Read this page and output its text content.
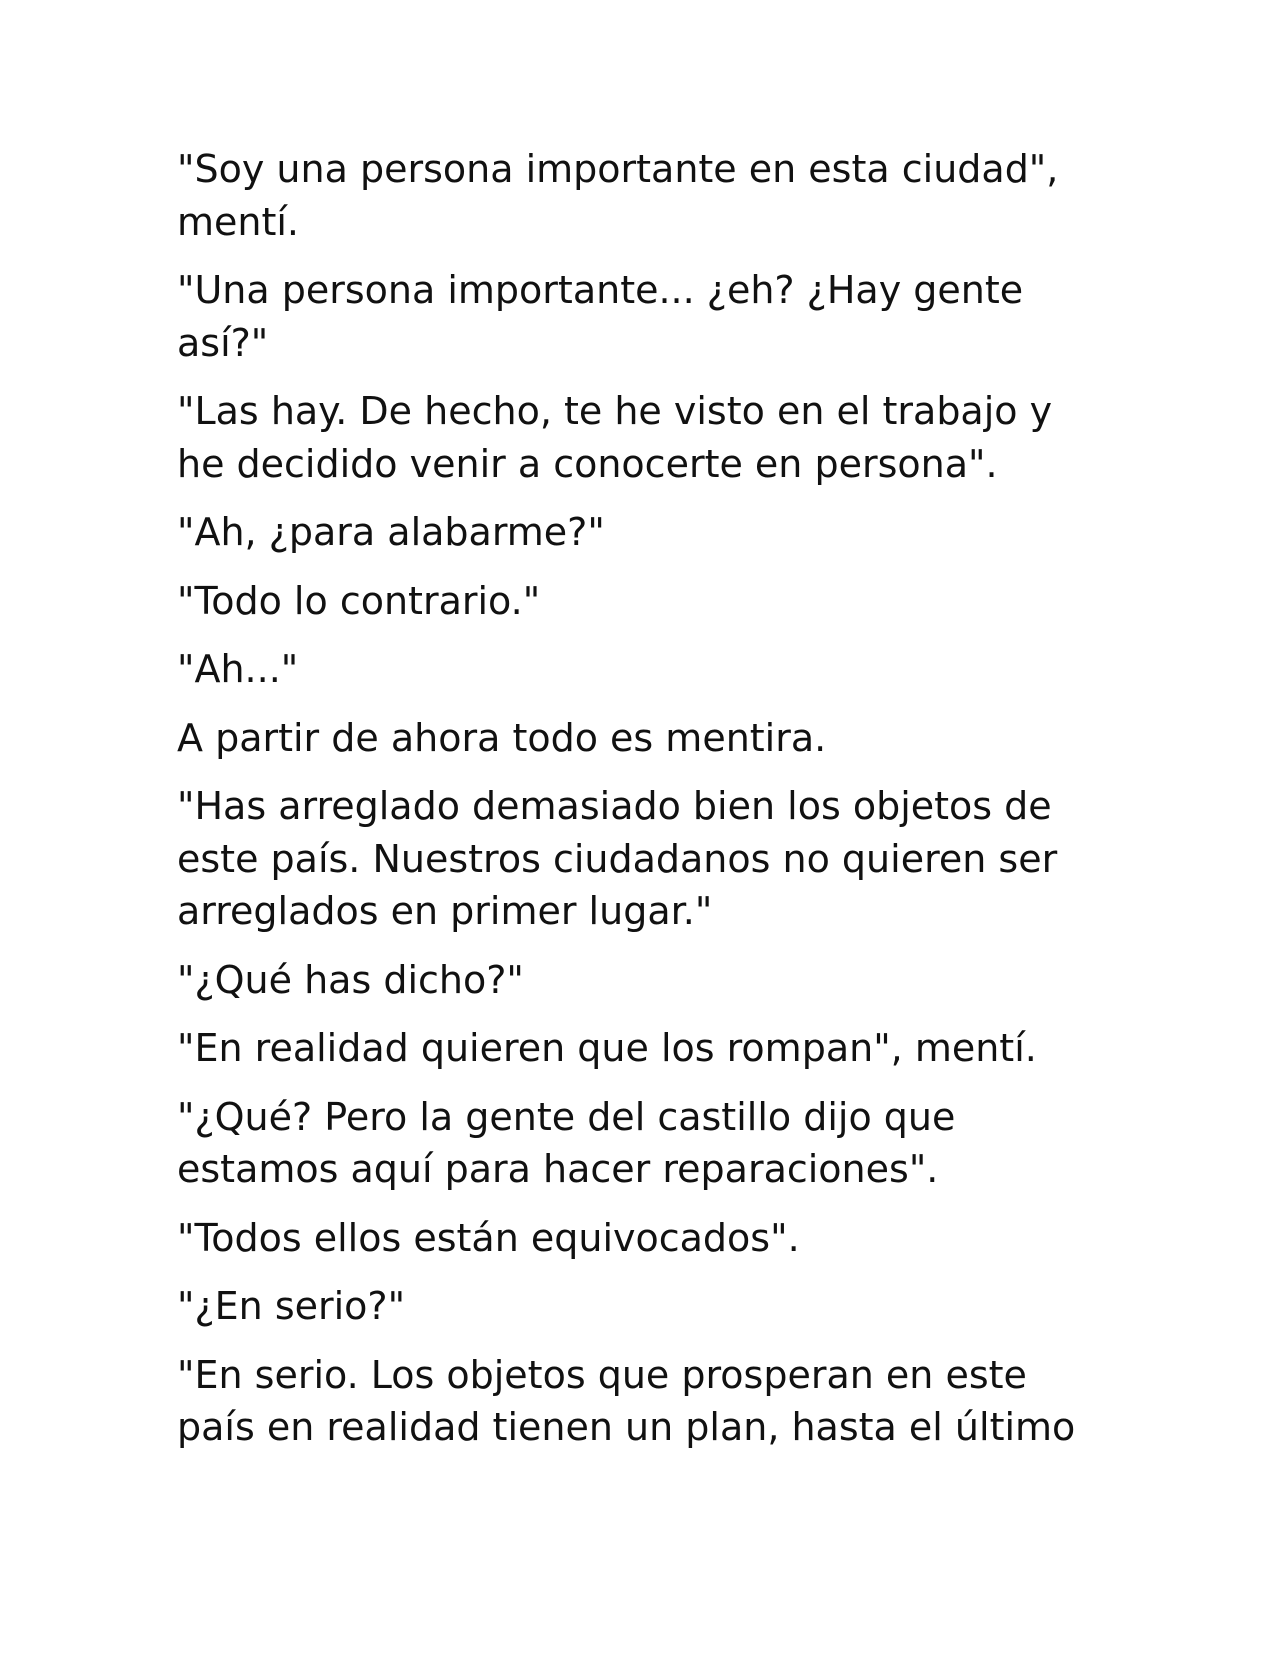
"Soy una persona importante en esta ciudad", mentí.

"Una persona importante... ¿eh? ¿Hay gente así?"

"Las hay. De hecho, te he visto en el trabajo y he decidido venir a conocerte en persona".

"Ah, ¿para alabarme?"

"Todo lo contrario."

"Ah..."

A partir de ahora todo es mentira.

"Has arreglado demasiado bien los objetos de este país. Nuestros ciudadanos no quieren ser arreglados en primer lugar."

"¿Qué has dicho?"

"En realidad quieren que los rompan", mentí.

"¿Qué? Pero la gente del castillo dijo que estamos aquí para hacer reparaciones".

"Todos ellos están equivocados".

"¿En serio?"

"En serio. Los objetos que prosperan en este país en realidad tienen un plan, hasta el último
